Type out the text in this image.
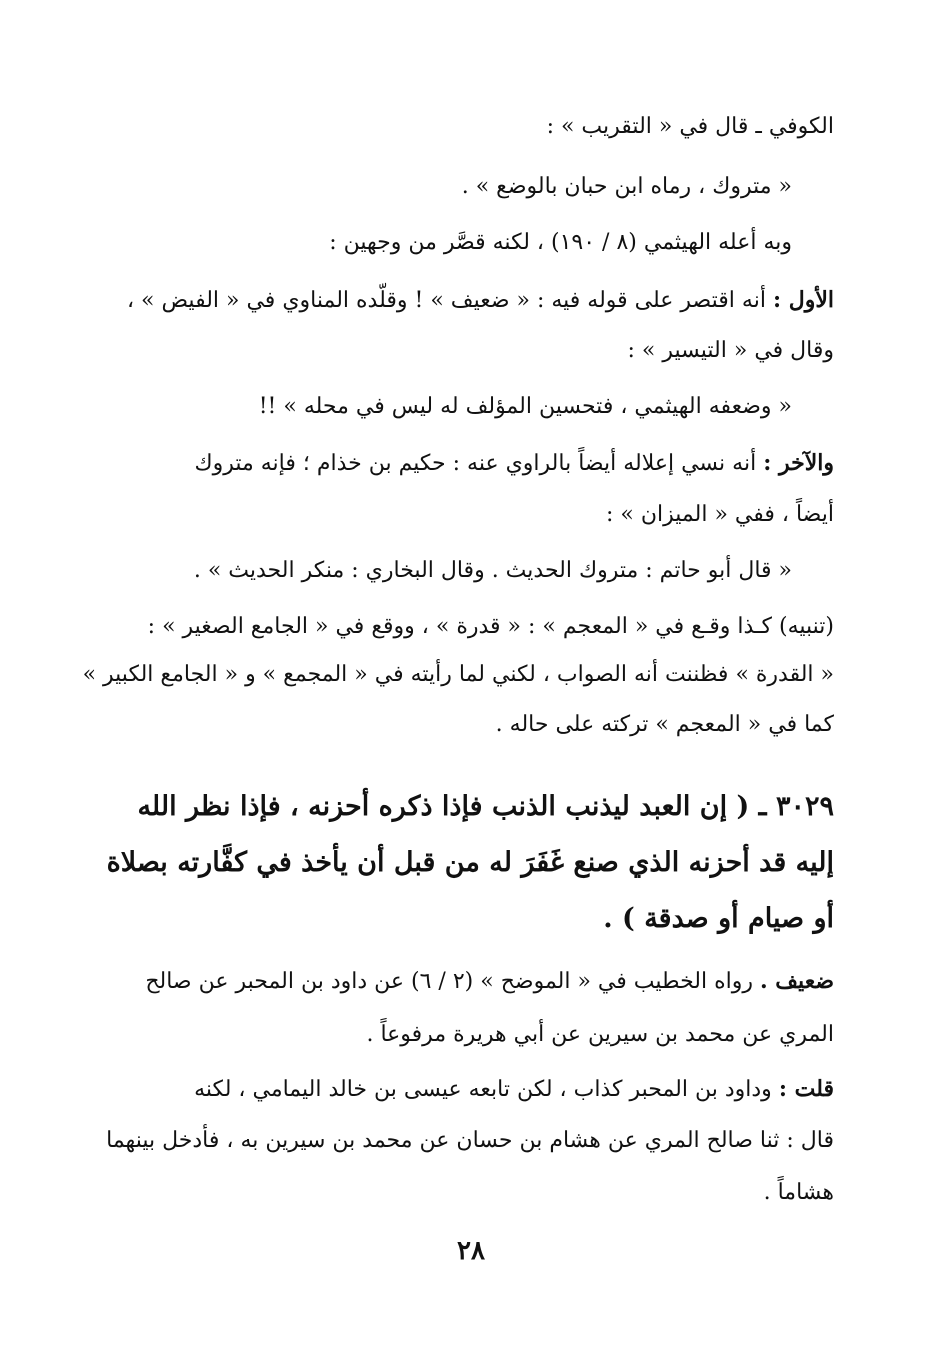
الكوفي ـ قال في « التقريب » :
« متروك ، رماه ابن حبان بالوضع » .
وبه أعله الهيثمي (٨ / ١٩٠) ، لكنه قصَّر من وجهين :
الأول : أنه اقتصر على قوله فيه : « ضعيف » ! وقلّده المناوي في « الفيض » ،
وقال في « التيسير » :
« وضعفه الهيثمي ، فتحسين المؤلف له ليس في محله » !!
والآخر : أنه نسي إعلاله أيضاً بالراوي عنه : حكيم بن خذام ؛ فإنه متروك
أيضاً ، ففي « الميزان » :
« قال أبو حاتم : متروك الحديث . وقال البخاري : منكر الحديث » .
(تنبيه) كـذا وقـع في « المعجم » : « قدرة » ، ووقع في « الجامع الصغير » :
« القدرة » فظننت أنه الصواب ، لكني لما رأيته في « المجمع » و « الجامع الكبير »
كما في « المعجم » تركته على حاله .
٣٠٢٩ ـ ( إن العبد ليذنب الذنب فإذا ذكره أحزنه ، فإذا نظر الله
إليه قد أحزنه الذي صنع غَفَرَ له من قبل أن يأخذ في كفَّارته بصلاة
أو صيام أو صدقة ) .
ضعيف . رواه الخطيب في « الموضح » (٢ / ٦) عن داود بن المحبر عن صالح
المري عن محمد بن سيرين عن أبي هريرة مرفوعاً .
قلت : وداود بن المحبر كذاب ، لكن تابعه عيسى بن خالد اليمامي ، لكنه
قال : ثنا صالح المري عن هشام بن حسان عن محمد بن سيرين به ، فأدخل بينهما
هشاماً .
٢٨
